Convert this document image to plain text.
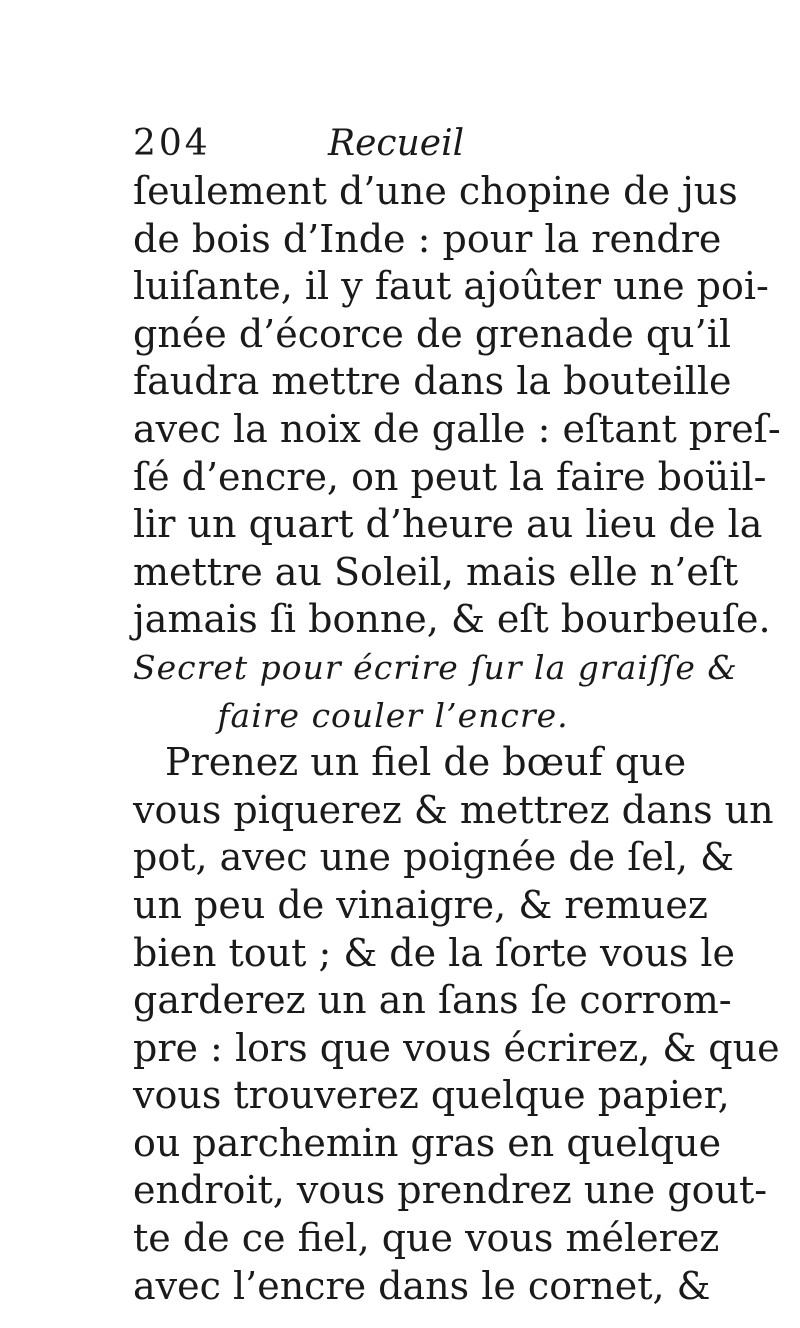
204	Recueil
ſeulement d’une chopine de jus
de bois d’Inde : pour la rendre
luiſante, il y faut ajoûter une poi-
gnée d’écorce de grenade qu’il
faudra mettre dans la bouteille
avec la noix de galle : eſtant preſ-
ſé d’encre, on peut la faire boüil-
lir un quart d’heure au lieu de la
mettre au Soleil, mais elle n’eſt
jamais ſi bonne, & eſt bourbeuſe.
Secret pour écrire ſur la graiſſe &
faire couler l’encre.
Prenez un fiel de bœuf que
vous piquerez & mettrez dans un
pot, avec une poignée de ſel, &
un peu de vinaigre, & remuez
bien tout ; & de la ſorte vous le
garderez un an ſans ſe corrom-
pre : lors que vous écrirez, & que
vous trouverez quelque papier,
ou parchemin gras en quelque
endroit, vous prendrez une gout-
te de ce fiel, que vous mélerez
avec l’encre dans le cornet, &
